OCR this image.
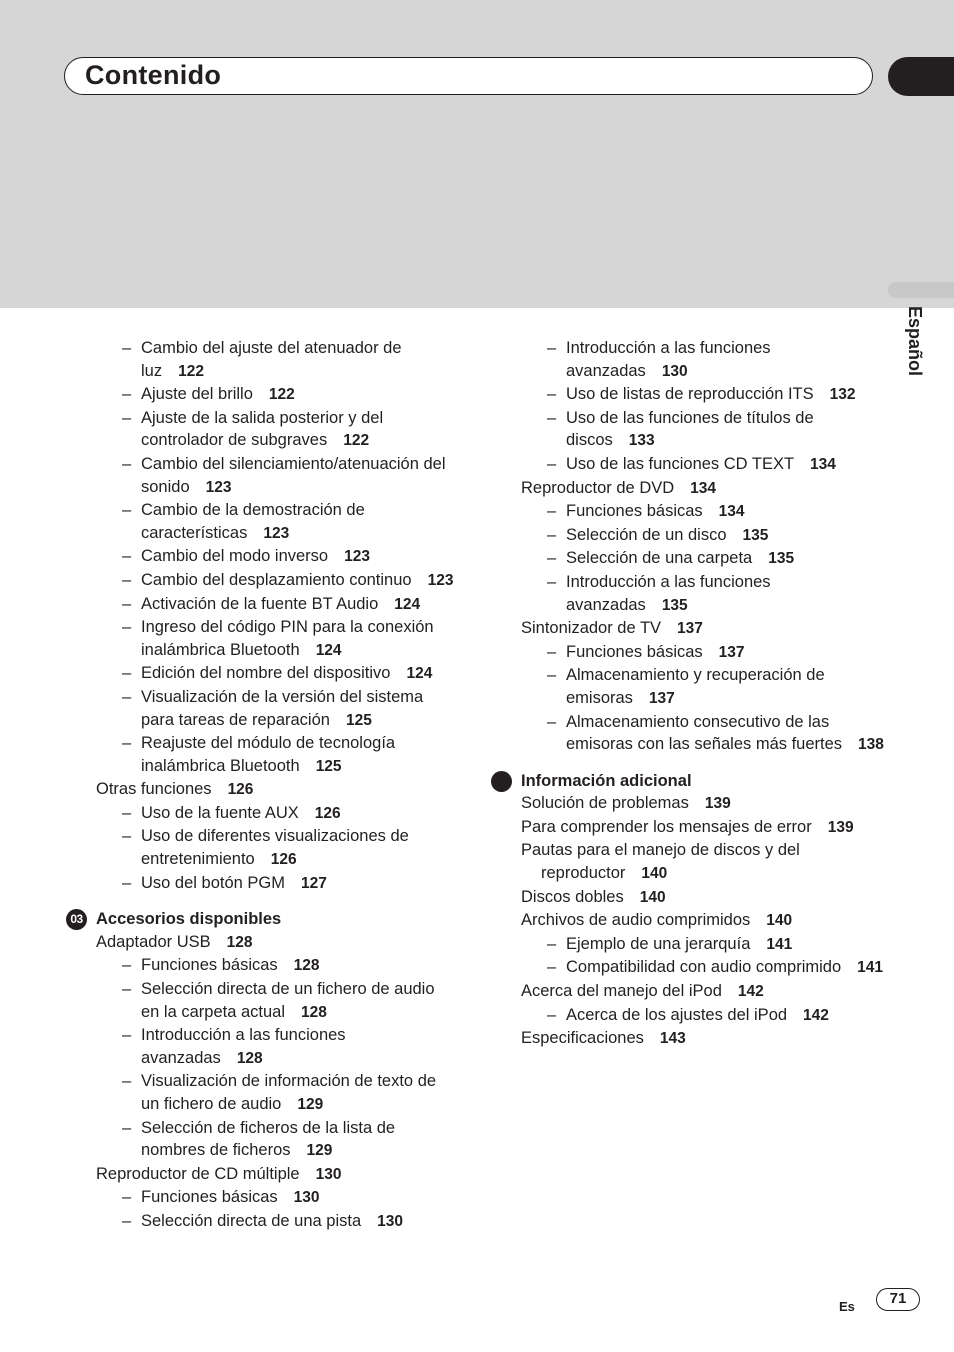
Contenido
Español
– Cambio del ajuste del atenuador de luz 122
– Ajuste del brillo 122
– Ajuste de la salida posterior y del controlador de subgraves 122
– Cambio del silenciamiento/atenuación del sonido 123
– Cambio de la demostración de características 123
– Cambio del modo inverso 123
– Cambio del desplazamiento continuo 123
– Activación de la fuente BT Audio 124
– Ingreso del código PIN para la conexión inalámbrica Bluetooth 124
– Edición del nombre del dispositivo 124
– Visualización de la versión del sistema para tareas de reparación 125
– Reajuste del módulo de tecnología inalámbrica Bluetooth 125
Otras funciones 126
– Uso de la fuente AUX 126
– Uso de diferentes visualizaciones de entretenimiento 126
– Uso del botón PGM 127
03 Accesorios disponibles
Adaptador USB 128
– Funciones básicas 128
– Selección directa de un fichero de audio en la carpeta actual 128
– Introducción a las funciones avanzadas 128
– Visualización de información de texto de un fichero de audio 129
– Selección de ficheros de la lista de nombres de ficheros 129
Reproductor de CD múltiple 130
– Funciones básicas 130
– Selección directa de una pista 130
– Introducción a las funciones avanzadas 130
– Uso de listas de reproducción ITS 132
– Uso de las funciones de títulos de discos 133
– Uso de las funciones CD TEXT 134
Reproductor de DVD 134
– Funciones básicas 134
– Selección de un disco 135
– Selección de una carpeta 135
– Introducción a las funciones avanzadas 135
Sintonizador de TV 137
– Funciones básicas 137
– Almacenamiento y recuperación de emisoras 137
– Almacenamiento consecutivo de las emisoras con las señales más fuertes 138
Información adicional
Solución de problemas 139
Para comprender los mensajes de error 139
Pautas para el manejo de discos y del reproductor 140
Discos dobles 140
Archivos de audio comprimidos 140
– Ejemplo de una jerarquía 141
– Compatibilidad con audio comprimido 141
Acerca del manejo del iPod 142
– Acerca de los ajustes del iPod 142
Especificaciones 143
Es	71
